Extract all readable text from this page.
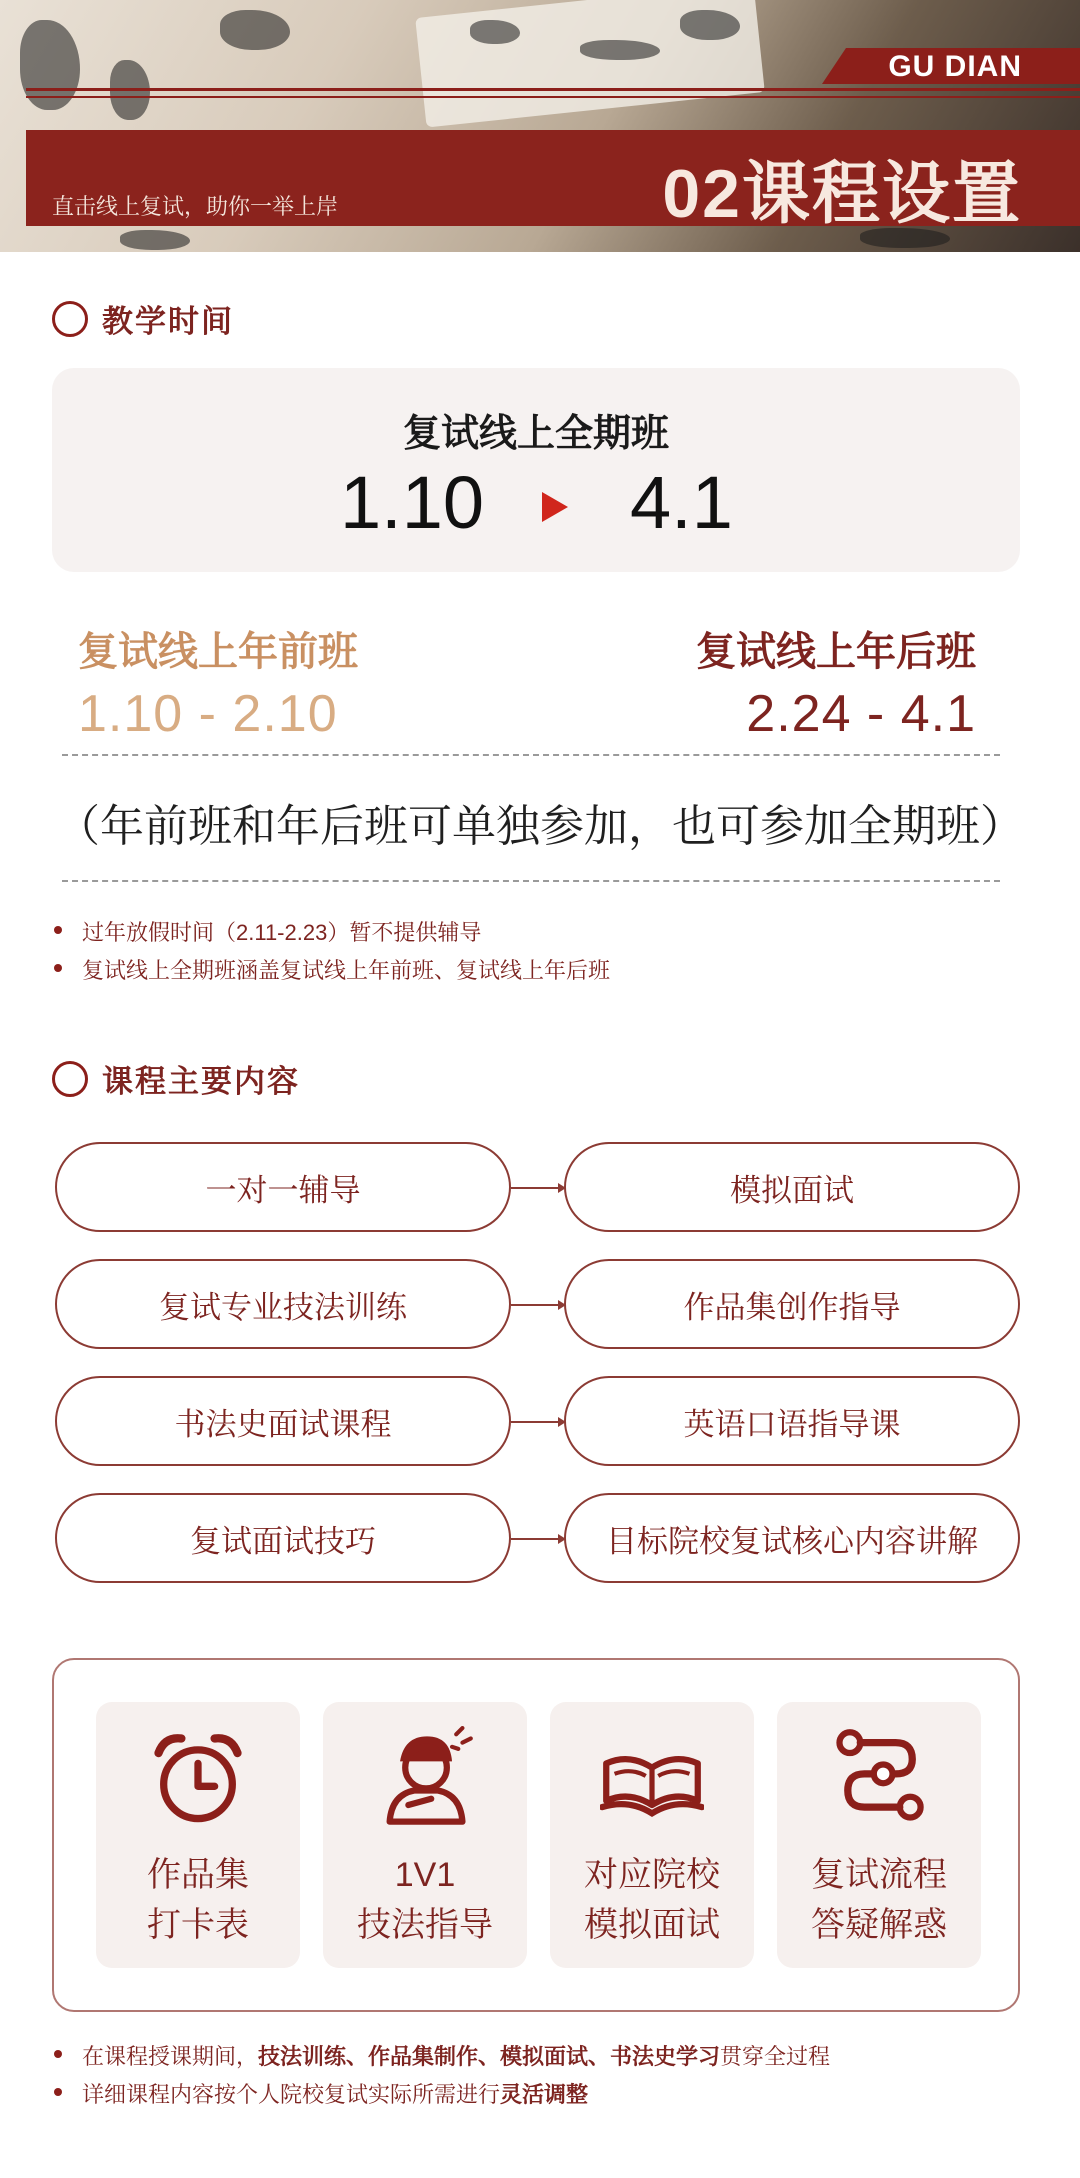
GU DIAN
直击线上复试，助你一举上岸	02课程设置
教学时间
复试线上全期班
1.10 4.1
复试线上年前班
1.10 - 2.10
复试线上年后班
2.24 - 4.1
（年前班和年后班可单独参加，也可参加全期班）
过年放假时间（2.11-2.23）暂不提供辅导
复试线上全期班涵盖复试线上年前班、复试线上年后班
课程主要内容
一对一辅导	模拟面试
复试专业技法训练	作品集创作指导
书法史面试课程	英语口语指导课
复试面试技巧	目标院校复试核心内容讲解
作品集
打卡表
1V1
技法指导
对应院校
模拟面试
复试流程
答疑解惑
在课程授课期间，技法训练、作品集制作、模拟面试、书法史学习贯穿全过程
详细课程内容按个人院校复试实际所需进行灵活调整
